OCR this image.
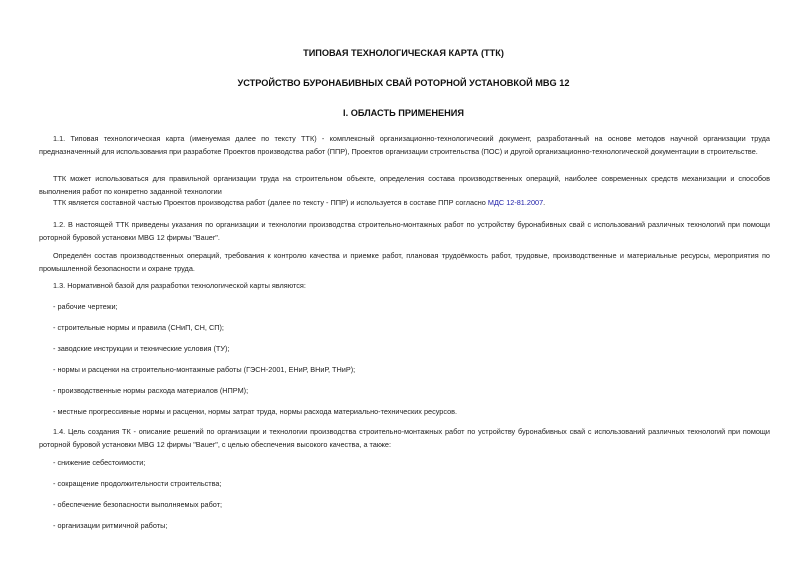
ТИПОВАЯ ТЕХНОЛОГИЧЕСКАЯ КАРТА (ТТК)
УСТРОЙСТВО БУРОНАБИВНЫХ СВАЙ РОТОРНОЙ УСТАНОВКОЙ MBG 12
I. ОБЛАСТЬ ПРИМЕНЕНИЯ
1.1. Типовая технологическая карта (именуемая далее по тексту ТТК) - комплексный организационно-технологический документ, разработанный на основе методов научной организации труда предназначенный для использования при разработке Проектов производства работ (ППР), Проектов организации строительства (ПОС) и другой организационно-технологической документации в строительстве.
ТТК может использоваться для правильной организации труда на строительном объекте, определения состава производственных операций, наиболее современных средств механизации и способов выполнения работ по конкретно заданной технологии
ТТК является составной частью Проектов производства работ (далее по тексту - ППР) и используется в составе ППР согласно МДС 12-81.2007.
1.2. В настоящей ТТК приведены указания по организации и технологии производства строительно-монтажных работ по устройству буронабивных свай с использований различных технологий при помощи роторной буровой установки MBG 12 фирмы "Bauer".
Определён состав производственных операций, требования к контролю качества и приемке работ, плановая трудоёмкость работ, трудовые, производственные и материальные ресурсы, мероприятия по промышленной безопасности и охране труда.
1.3. Нормативной базой для разработки технологической карты являются:
- рабочие чертежи;
- строительные нормы и правила (СНиП, СН, СП);
- заводские инструкции и технические условия (ТУ);
- нормы и расценки на строительно-монтажные работы (ГЭСН-2001, ЕНиР, ВНиР, ТНиР);
- производственные нормы расхода материалов (НПРМ);
- местные прогрессивные нормы и расценки, нормы затрат труда, нормы расхода материально-технических ресурсов.
1.4. Цель создания ТК - описание решений по организации и технологии производства строительно-монтажных работ по устройству буронабивных свай с использований различных технологий при помощи роторной буровой установки MBG 12 фирмы "Bauer", с целью обеспечения высокого качества, а также:
- снижение себестоимости;
- сокращение продолжительности строительства;
- обеспечение безопасности выполняемых работ;
- организации ритмичной работы;
